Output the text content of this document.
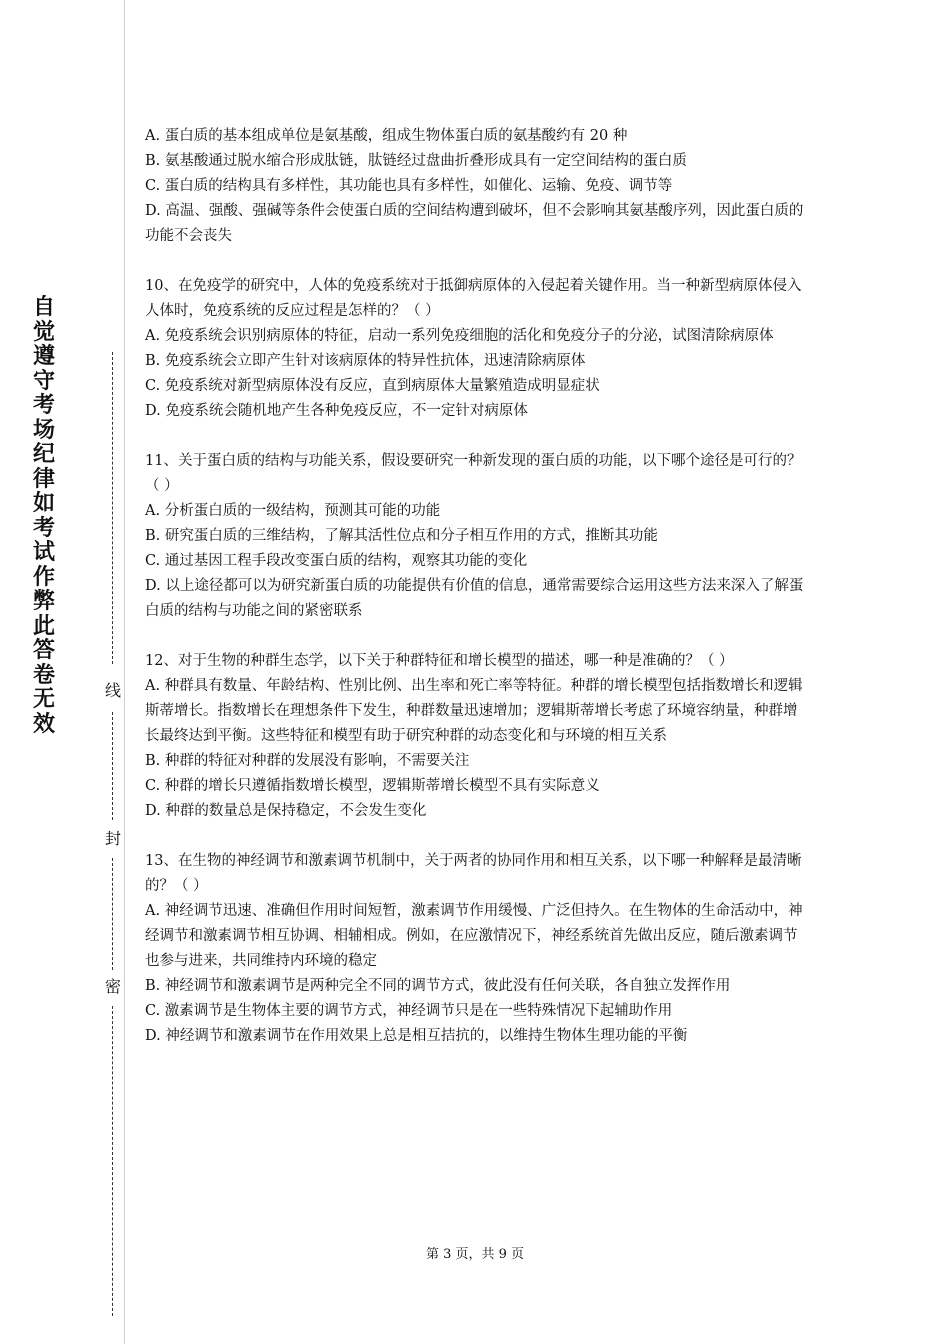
自觉遵守考场纪律如考试作弊此答卷无效
线
封
密

A. 蛋白质的基本组成单位是氨基酸，组成生物体蛋白质的氨基酸约有 20 种

B. 氨基酸通过脱水缩合形成肽链，肽链经过盘曲折叠形成具有一定空间结构的蛋白质

C. 蛋白质的结构具有多样性，其功能也具有多样性，如催化、运输、免疫、调节等

D. 高温、强酸、强碱等条件会使蛋白质的空间结构遭到破坏，但不会影响其氨基酸序列，因此蛋白质的功能不会丧失

10、在免疫学的研究中，人体的免疫系统对于抵御病原体的入侵起着关键作用。当一种新型病原体侵入人体时，免疫系统的反应过程是怎样的？（ ）

A. 免疫系统会识别病原体的特征，启动一系列免疫细胞的活化和免疫分子的分泌，试图清除病原体

B. 免疫系统会立即产生针对该病原体的特异性抗体，迅速清除病原体

C. 免疫系统对新型病原体没有反应，直到病原体大量繁殖造成明显症状

D. 免疫系统会随机地产生各种免疫反应，不一定针对病原体

11、关于蛋白质的结构与功能关系，假设要研究一种新发现的蛋白质的功能，以下哪个途径是可行的？（ ）

A. 分析蛋白质的一级结构，预测其可能的功能

B. 研究蛋白质的三维结构，了解其活性位点和分子相互作用的方式，推断其功能

C. 通过基因工程手段改变蛋白质的结构，观察其功能的变化

D. 以上途径都可以为研究新蛋白质的功能提供有价值的信息，通常需要综合运用这些方法来深入了解蛋白质的结构与功能之间的紧密联系

12、对于生物的种群生态学，以下关于种群特征和增长模型的描述，哪一种是准确的？（ ）

A. 种群具有数量、年龄结构、性别比例、出生率和死亡率等特征。种群的增长模型包括指数增长和逻辑斯蒂增长。指数增长在理想条件下发生，种群数量迅速增加；逻辑斯蒂增长考虑了环境容纳量，种群增长最终达到平衡。这些特征和模型有助于研究种群的动态变化和与环境的相互关系

B. 种群的特征对种群的发展没有影响，不需要关注

C. 种群的增长只遵循指数增长模型，逻辑斯蒂增长模型不具有实际意义

D. 种群的数量总是保持稳定，不会发生变化

13、在生物的神经调节和激素调节机制中，关于两者的协同作用和相互关系，以下哪一种解释是最清晰的？（ ）

A. 神经调节迅速、准确但作用时间短暂，激素调节作用缓慢、广泛但持久。在生物体的生命活动中，神经调节和激素调节相互协调、相辅相成。例如，在应激情况下，神经系统首先做出反应，随后激素调节也参与进来，共同维持内环境的稳定

B. 神经调节和激素调节是两种完全不同的调节方式，彼此没有任何关联，各自独立发挥作用

C. 激素调节是生物体主要的调节方式，神经调节只是在一些特殊情况下起辅助作用

D. 神经调节和激素调节在作用效果上总是相互拮抗的，以维持生物体生理功能的平衡

第 3 页，共 9 页
